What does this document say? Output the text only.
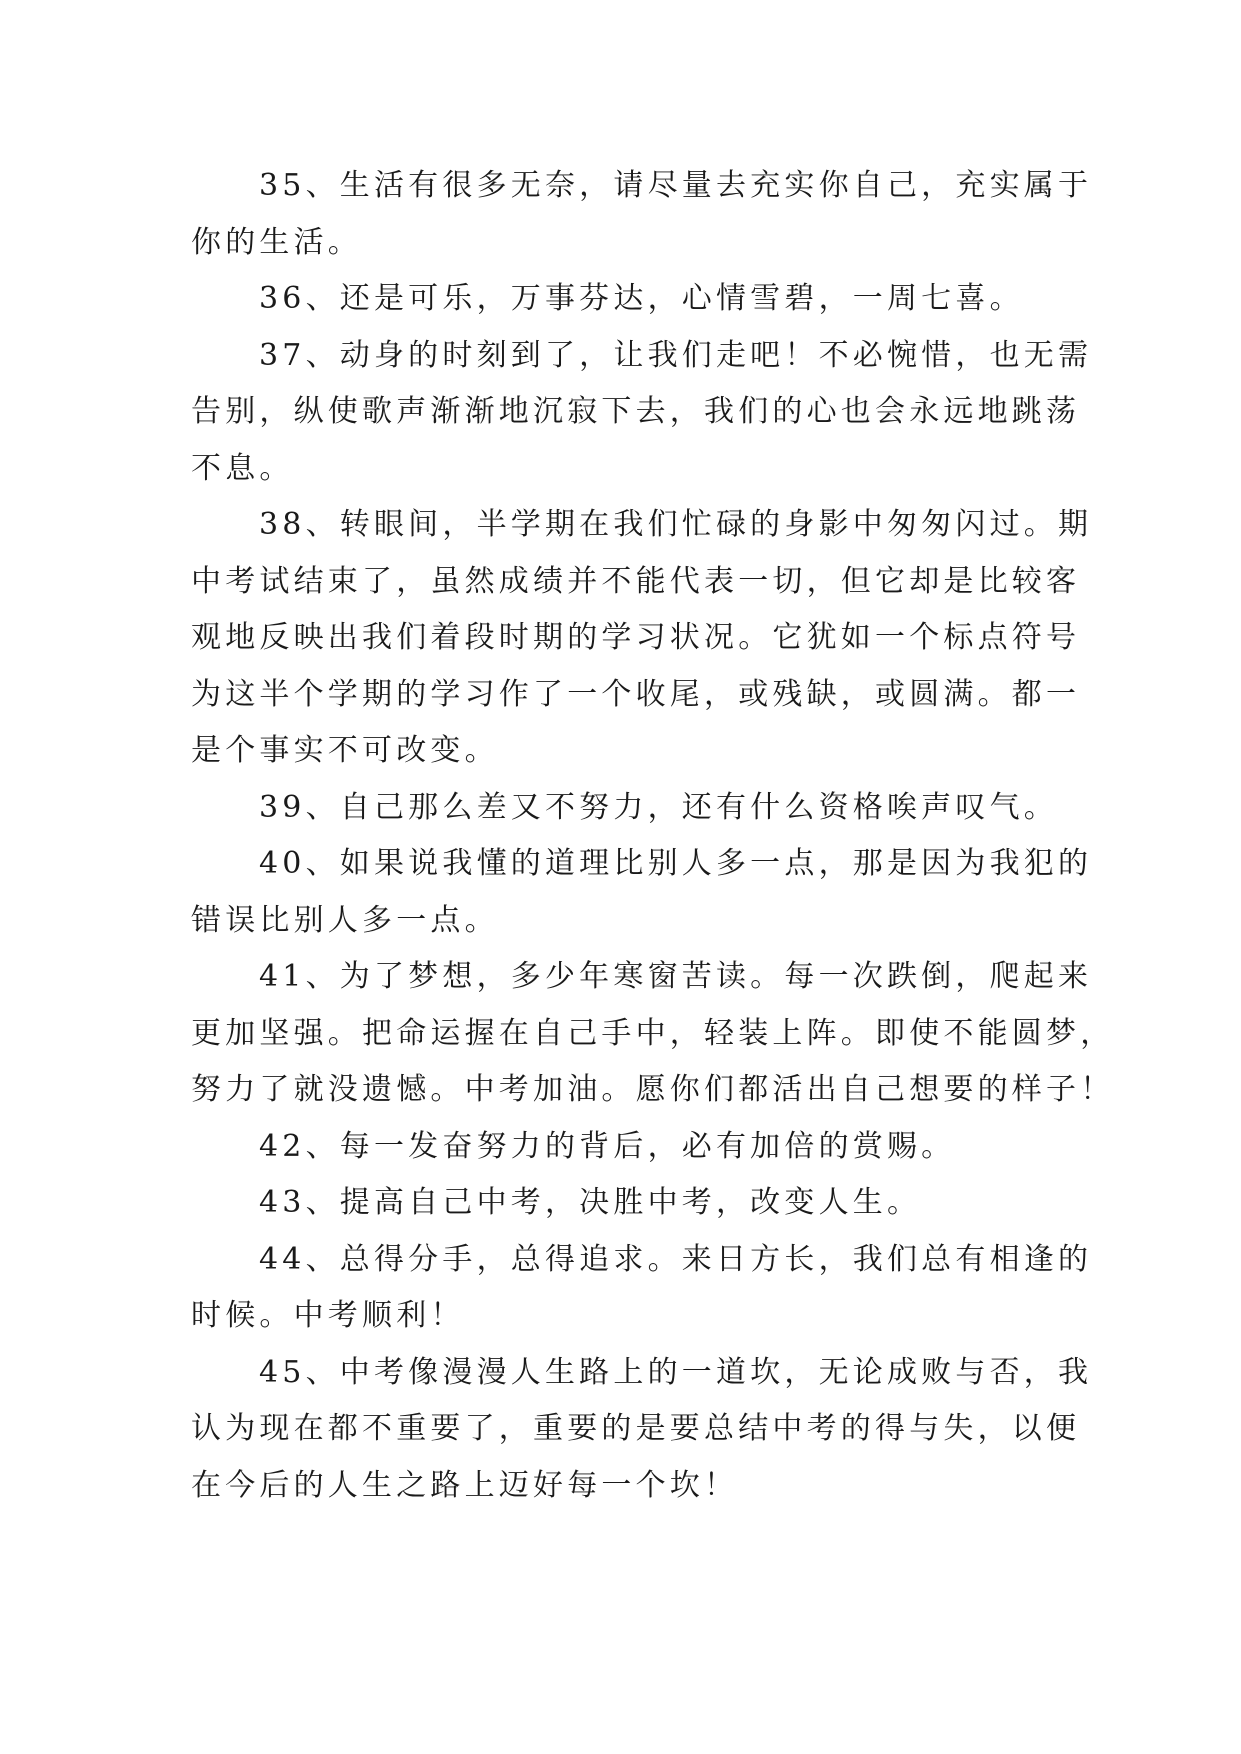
35、生活有很多无奈，请尽量去充实你自己，充实属于
你的生活。

36、还是可乐，万事芬达，心情雪碧，一周七喜。

37、动身的时刻到了，让我们走吧！不必惋惜，也无需
告别，纵使歌声渐渐地沉寂下去，我们的心也会永远地跳荡
不息。

38、转眼间，半学期在我们忙碌的身影中匆匆闪过。期
中考试结束了，虽然成绩并不能代表一切，但它却是比较客
观地反映出我们着段时期的学习状况。它犹如一个标点符号
为这半个学期的学习作了一个收尾，或残缺，或圆满。都一
是个事实不可改变。

39、自己那么差又不努力，还有什么资格唉声叹气。

40、如果说我懂的道理比别人多一点，那是因为我犯的
错误比别人多一点。

41、为了梦想，多少年寒窗苦读。每一次跌倒，爬起来
更加坚强。把命运握在自己手中，轻装上阵。即使不能圆梦，
努力了就没遗憾。中考加油。愿你们都活出自己想要的样子！

42、每一发奋努力的背后，必有加倍的赏赐。

43、提高自己中考，决胜中考，改变人生。

44、总得分手，总得追求。来日方长，我们总有相逢的
时候。中考顺利！

45、中考像漫漫人生路上的一道坎，无论成败与否，我
认为现在都不重要了，重要的是要总结中考的得与失，以便
在今后的人生之路上迈好每一个坎！
